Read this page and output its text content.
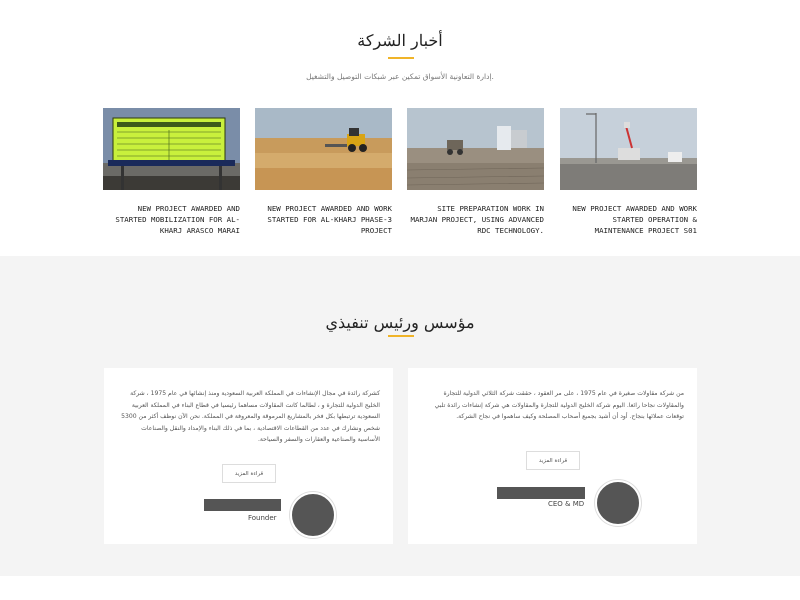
أخبار الشركة

إدارة التعاونية الأسواق تمكين عبر شبكات التوصيل والتشغيل.

NEW PROJECT AWARDED AND STARTED MOBILIZATION FOR AL-KHARJ ARASCO MARAI
NEW PROJECT AWARDED AND WORK STARTED FOR AL-KHARJ PHASE-3 PROJECT
SITE PREPARATION WORK IN MARJAN PROJECT, USING ADVANCED RDC TECHNOLOGY.
NEW PROJECT AWARDED AND WORK STARTED OPERATION & MAINTENANCE PROJECT S01
مؤسس ورئيس تنفيذي

كشركة رائدة في مجال الإنشاءات في المملكة العربية السعودية ومنذ إنشائها في عام 1975 ، شركة الخليج الدولية للتجارة و ، لطالما كانت المقاولات مساهما رئيسيا في قطاع البناء في المملكة العربية السعودية ترتبطها بكل فخر بالمشاريع المرموقة والمعروفة في المملكة. نحن الآن نوظف أكثر من 5300 شخص ونشارك في عدد من القطاعات الاقتصادية ، بما في ذلك البناء والإمداد والنقل والصناعات الأساسية والصناعية والعقارات والسفر والسياحة.

قراءة المزيد
Founder

من شركة مقاولات صغيرة في عام 1975 ، على مر العقود ، حققت شركة الثلاثي الدولية للتجارة والمقاولات نجاحا رائعا. اليوم شركة الخليج الدولية للتجارة والمقاولات هي شركة إنشاءات رائدة تلبي توقعات عملائها بنجاح. أود أن أشيد بجميع أصحاب المصلحة وكيف ساهموا في نجاح الشركة.

قراءة المزيد
CEO & MD
